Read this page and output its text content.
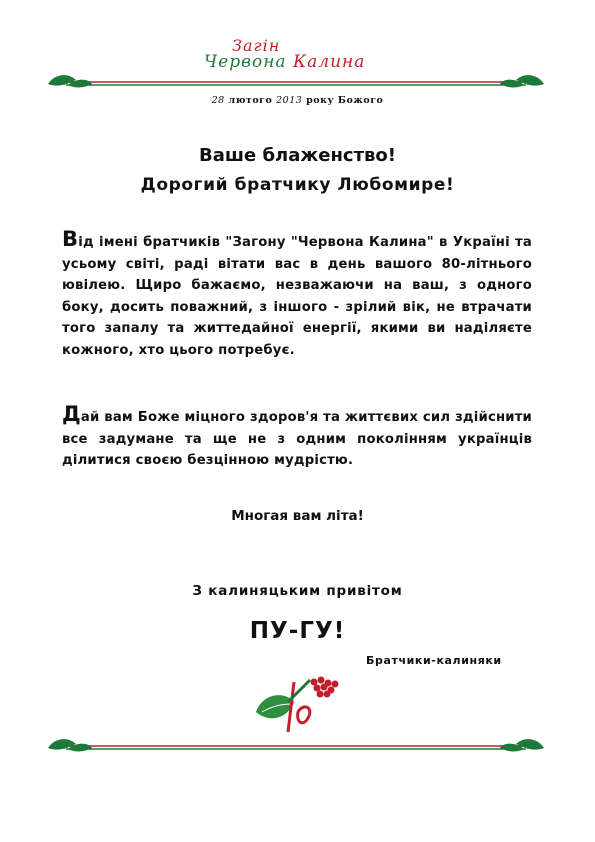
Загін
Червона Калина
28 лютого 2013 року Божого
Ваше блаженство!
Дорогий братчику Любомире!
Від імені братчиків "Загону "Червона Калина" в Україні та усьому світі, раді вітати вас в день вашого 80-літнього ювілею. Щиро бажаємо, незважаючи на ваш, з одного боку, досить поважний, з іншого - зрілий вік, не втрачати того запалу та життедайної енергії, якими ви наділяєте кожного, хто цього потребує.
Дай вам Боже міцного здоров'я та життєвих сил здійснити все задумане та ще не з одним поколінням українців ділитися своєю безцінною мудрістю.
Многая вам літа!
З калиняцьким привітом
ПУ-ГУ!
Братчики-калиняки
